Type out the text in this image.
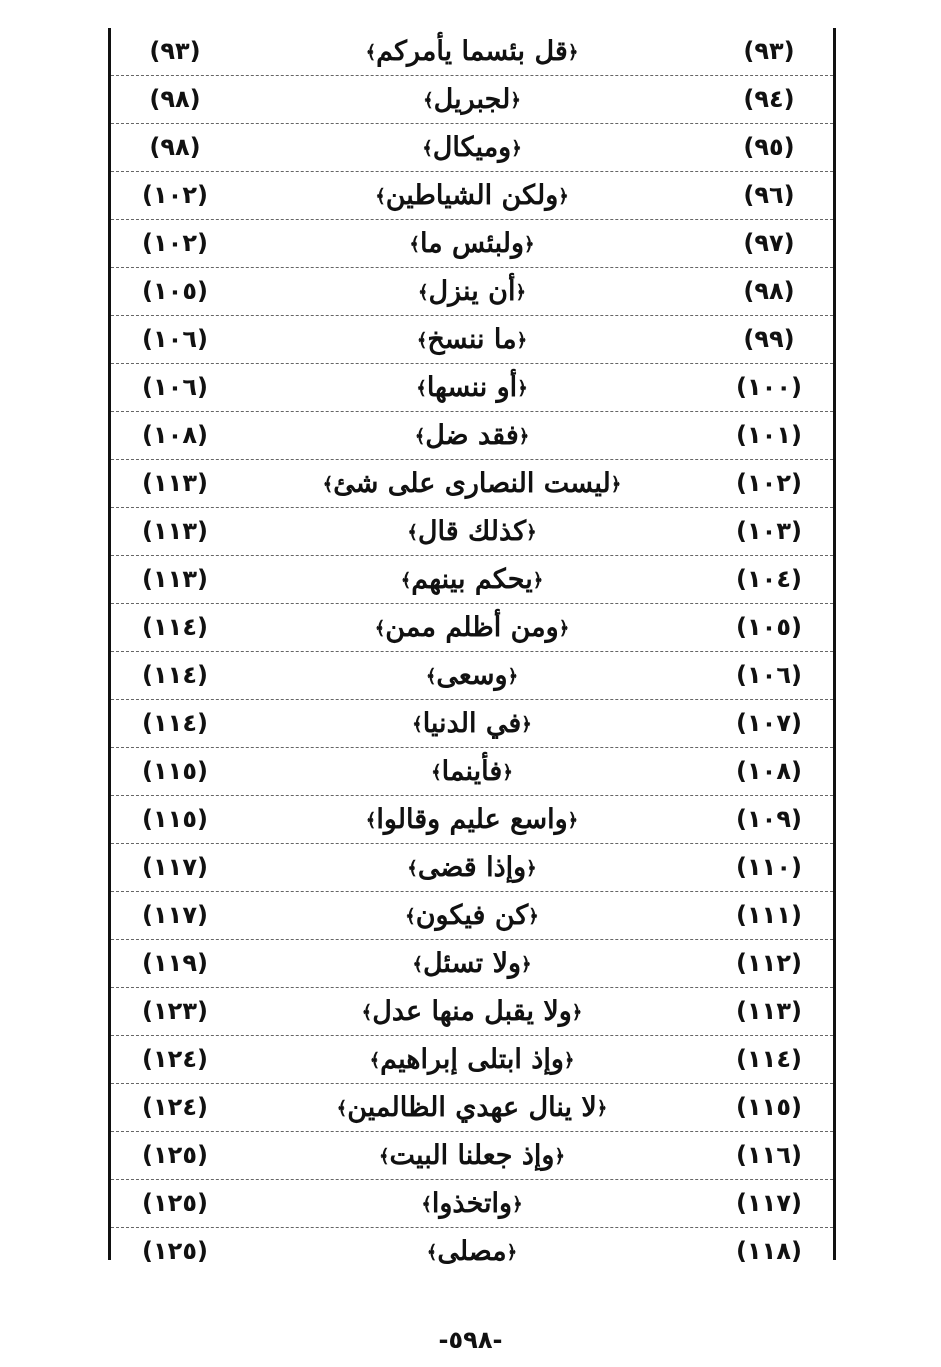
(٩٣)
﴿قل بئسما يأمركم﴾
(٩٣)
(٩٤)
﴿لجبريل﴾
(٩٨)
(٩٥)
﴿وميكال﴾
(٩٨)
(٩٦)
﴿ولكن الشياطين﴾
(١٠٢)
(٩٧)
﴿ولبئس ما﴾
(١٠٢)
(٩٨)
﴿أن ينزل﴾
(١٠٥)
(٩٩)
﴿ما ننسخ﴾
(١٠٦)
(١٠٠)
﴿أو ننسها﴾
(١٠٦)
(١٠١)
﴿فقد ضل﴾
(١٠٨)
(١٠٢)
﴿ليست النصارى على شئ﴾
(١١٣)
(١٠٣)
﴿كذلك قال﴾
(١١٣)
(١٠٤)
﴿يحكم بينهم﴾
(١١٣)
(١٠٥)
﴿ومن أظلم ممن﴾
(١١٤)
(١٠٦)
﴿وسعى﴾
(١١٤)
(١٠٧)
﴿في الدنيا﴾
(١١٤)
(١٠٨)
﴿فأينما﴾
(١١٥)
(١٠٩)
﴿واسع عليم وقالوا﴾
(١١٥)
(١١٠)
﴿وإذا قضى﴾
(١١٧)
(١١١)
﴿كن فيكون﴾
(١١٧)
(١١٢)
﴿ولا تسئل﴾
(١١٩)
(١١٣)
﴿ولا يقبل منها عدل﴾
(١٢٣)
(١١٤)
﴿وإذ ابتلى إبراهيم﴾
(١٢٤)
(١١٥)
﴿لا ينال عهدي الظالمين﴾
(١٢٤)
(١١٦)
﴿وإذ جعلنا البيت﴾
(١٢٥)
(١١٧)
﴿واتخذوا﴾
(١٢٥)
(١١٨)
﴿مصلى﴾
(١٢٥)
-٥٩٨-
